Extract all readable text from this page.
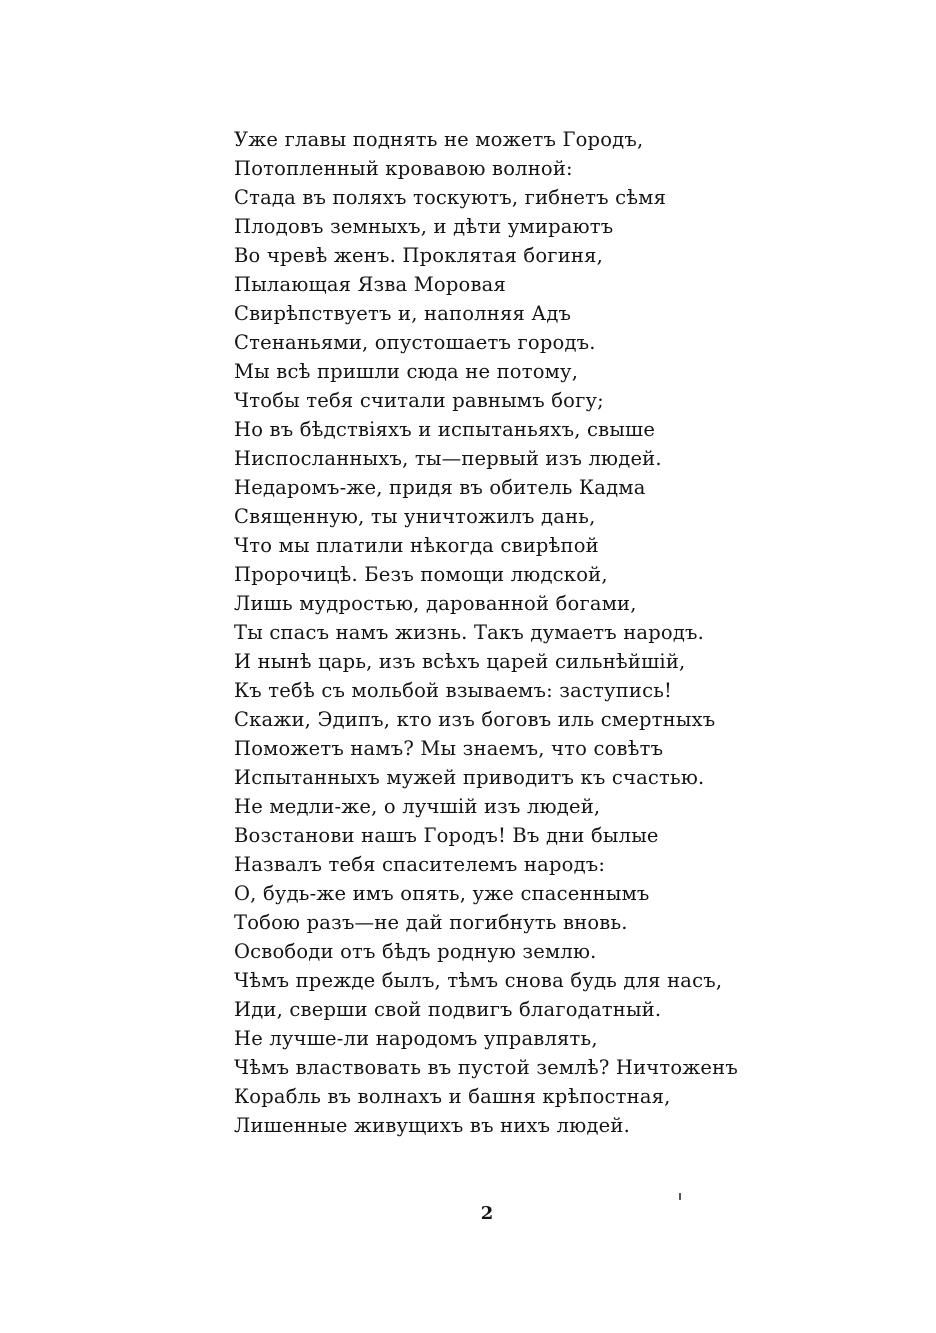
Уже главы поднять не можетъ Городъ,
Потопленный кровавою волной:
Стада въ поляхъ тоскуютъ, гибнетъ сѣмя
Плодовъ земныхъ, и дѣти умираютъ
Во чревѣ женъ. Проклятая богиня,
Пылающая Язва Моровая
Свирѣпствуетъ и, наполняя Адъ
Стенаньями, опустошаетъ городъ.
Мы всѣ пришли сюда не потому,
Чтобы тебя считали равнымъ богу;
Но въ бѣдствіяхъ и испытаньяхъ, свыше
Ниспосланныхъ, ты—первый изъ людей.
Недаромъ-же, придя въ обитель Кадма
Священную, ты уничтожилъ дань,
Что мы платили нѣкогда свирѣпой
Пророчицѣ. Безъ помощи людской,
Лишь мудростью, дарованной богами,
Ты спасъ намъ жизнь. Такъ думаетъ народъ.
И нынѣ царь, изъ всѣхъ царей сильнѣйшій,
Къ тебѣ съ мольбой взываемъ: заступись!
Скажи, Эдипъ, кто изъ боговъ иль смертныхъ
Поможетъ намъ? Мы знаемъ, что совѣтъ
Испытанныхъ мужей приводитъ къ счастью.
Не медли-же, о лучшій изъ людей,
Возстанови нашъ Городъ! Въ дни былые
Назвалъ тебя спасителемъ народъ:
О, будь-же имъ опять, уже спасеннымъ
Тобою разъ—не дай погибнуть вновь.
Освободи отъ бѣдъ родную землю.
Чѣмъ прежде былъ, тѣмъ снова будь для насъ,
Иди, сверши свой подвигъ благодатный.
Не лучше-ли народомъ управлять,
Чѣмъ властвовать въ пустой землѣ? Ничтоженъ
Корабль въ волнахъ и башня крѣпостная,
Лишенные живущихъ въ нихъ людей.
2
